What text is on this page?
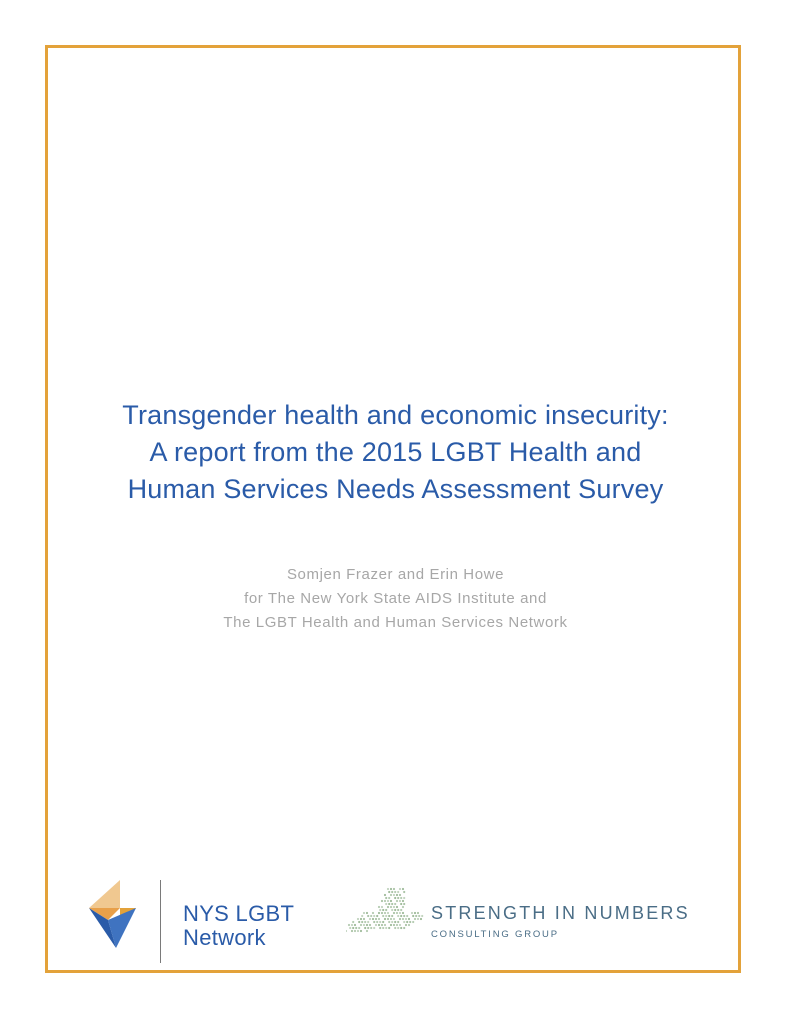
Transgender health and economic insecurity:
A report from the 2015 LGBT Health and
Human Services Needs Assessment Survey
Somjen Frazer and Erin Howe
for The New York State AIDS Institute and
The LGBT Health and Human Services Network
NYS LGBT
Network
STRENGTH IN NUMBERS
CONSULTING GROUP
